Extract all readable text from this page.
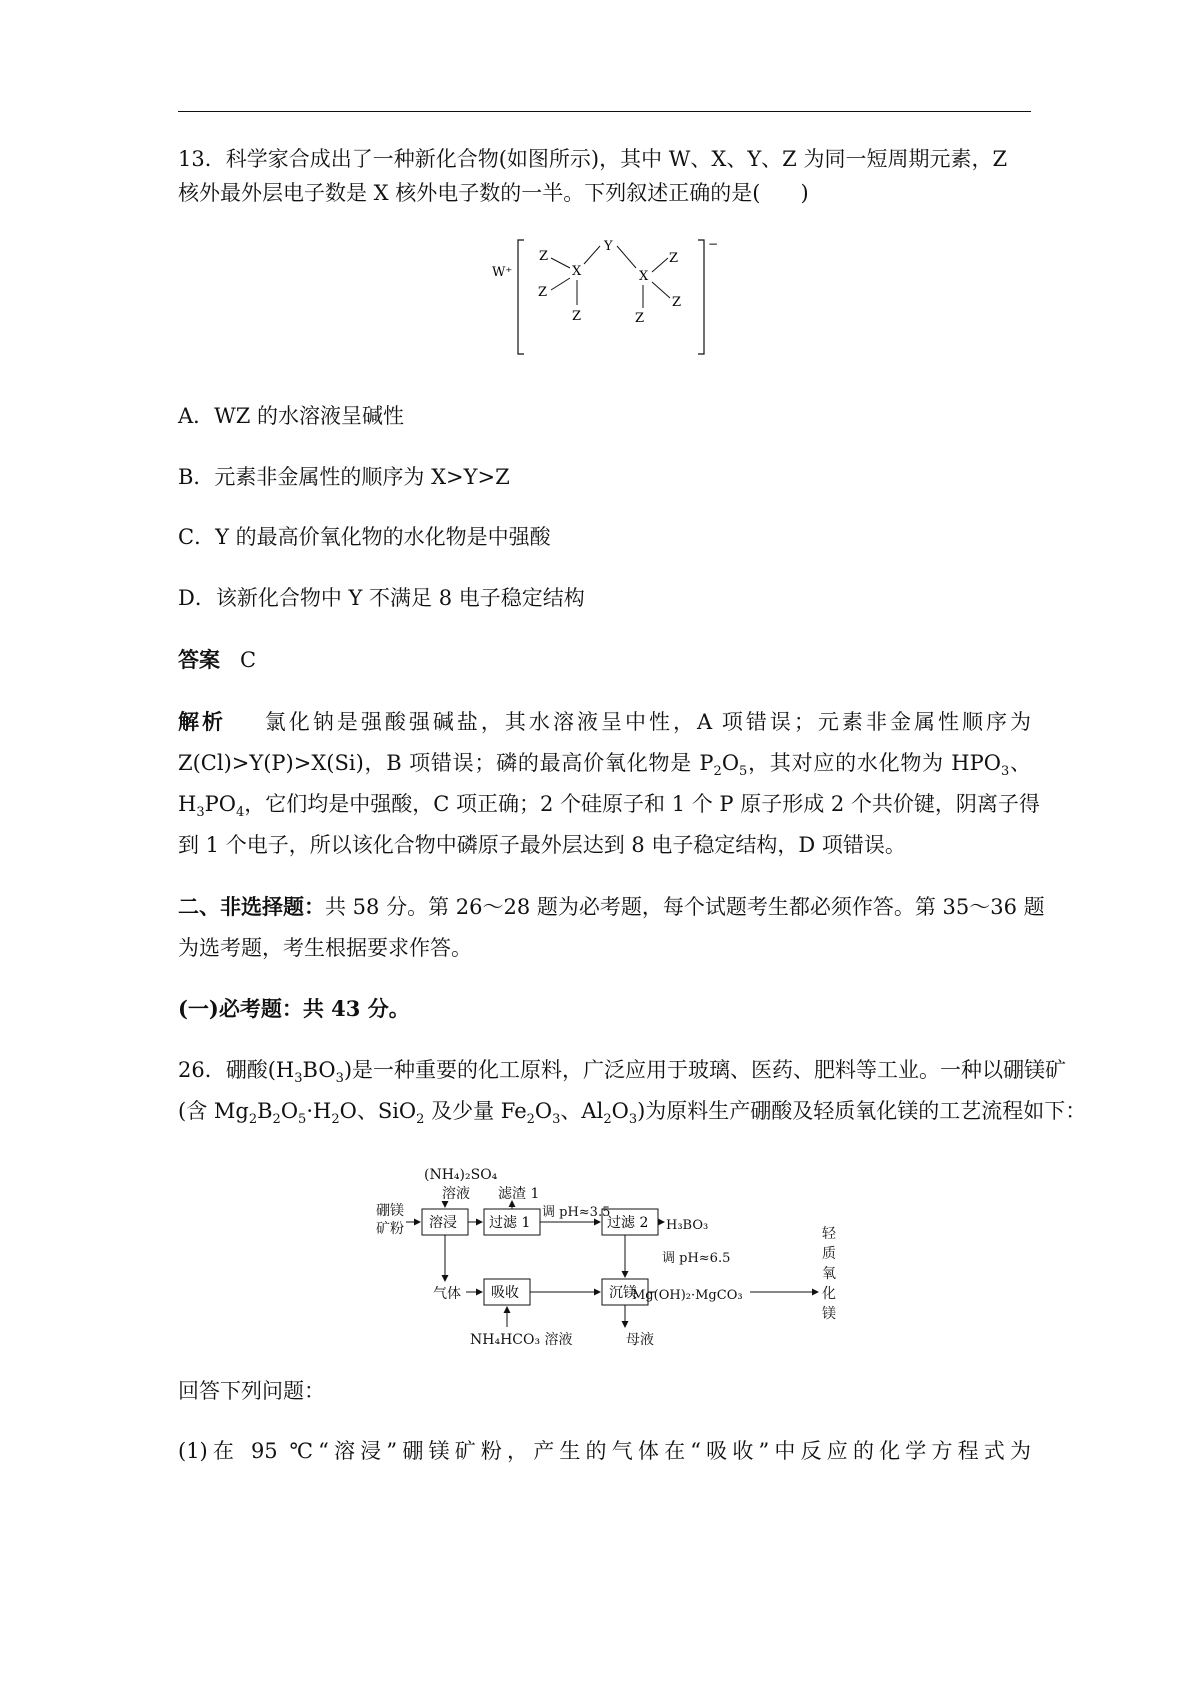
13．科学家合成出了一种新化合物(如图所示)，其中 W、X、Y、Z 为同一短周期元素，Z
核外最外层电子数是 X 核外电子数的一半。下列叙述正确的是( )
W⁺
−
Z
X
Z
Z
Y
X
Z
Z
Z
A．WZ 的水溶液呈碱性
B．元素非金属性的顺序为 X>Y>Z
C．Y 的最高价氧化物的水化物是中强酸
D．该新化合物中 Y 不满足 8 电子稳定结构
答案 C
解析 氯化钠是强酸强碱盐，其水溶液呈中性，A 项错误；元素非金属性顺序为
Z(Cl)>Y(P)>X(Si)，B 项错误；磷的最高价氧化物是 $P_2O_5$，其对应的水化物为 $HPO_3$、
$H_3PO_4$，它们均是中强酸，C 项正确；2 个硅原子和 1 个 P 原子形成 2 个共价键，阴离子得
到 1 个电子，所以该化合物中磷原子最外层达到 8 电子稳定结构，D 项错误。
二、非选择题：共 58 分。第 26～28 题为必考题，每个试题考生都必须作答。第 35～36 题
为选考题，考生根据要求作答。
(一)必考题：共 43 分。
26．硼酸$(H_3BO_3)$是一种重要的化工原料，广泛应用于玻璃、医药、肥料等工业。一种以硼镁矿
(含 $Mg_2B_2O_5\cdot H_2O$、SiO$_2$ 及少量 $Fe_2O_3$、$Al_2O_3$)为原料生产硼酸及轻质氧化镁的工艺流程如下：
(NH₄)₂SO₄
溶液 滤渣 1
硼镁
矿粉
调 pH≈3.5
H₃BO₃
调 pH≈6.5
气体	Mg(OH)₂·MgCO₃
NH₄HCO₃ 溶液	母液
轻
质
氧
化
镁
溶浸 过滤 1	过滤 2
吸收	沉镁
回答下列问题：
(1)在 95 ℃“溶浸”硼镁矿粉，产生的气体在“吸收”中反应的化学方程式为
